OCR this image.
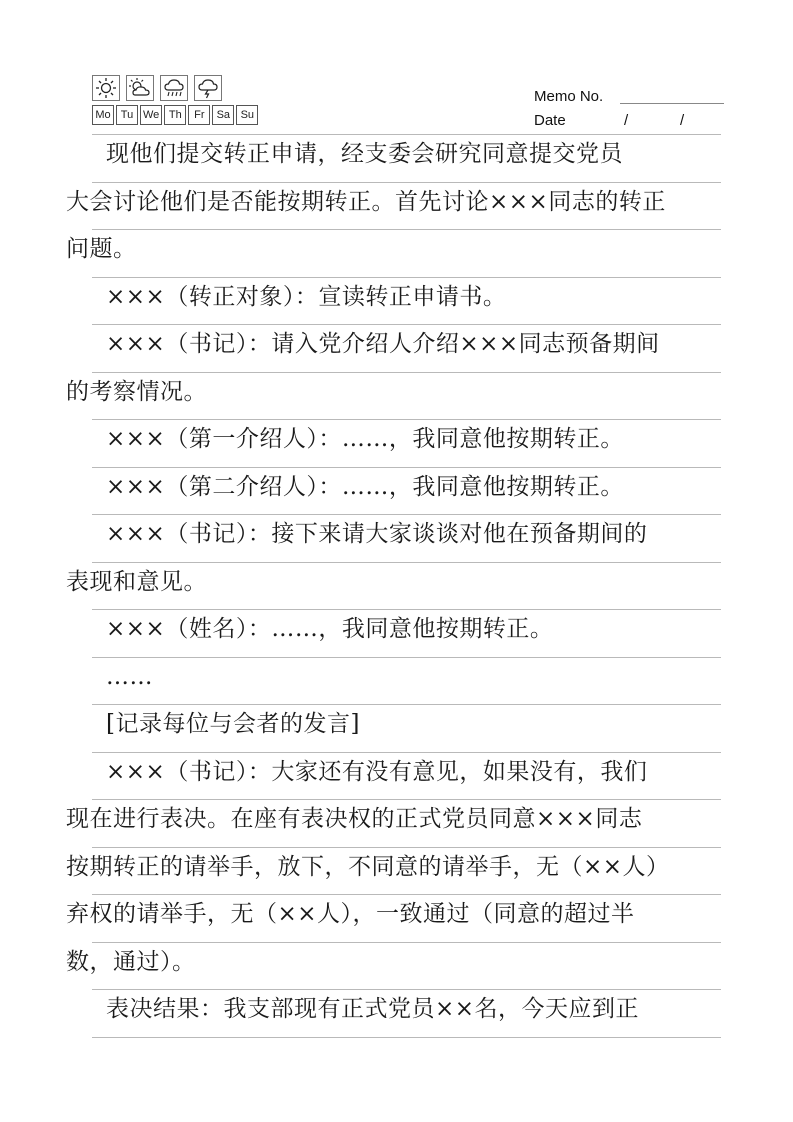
Mo Tu We Th Fr Sa Su
Memo No.
Date	/	/
现他们提交转正申请，经支委会研究同意提交党员
大会讨论他们是否能按期转正。首先讨论×××同志的转正
问题。
×××（转正对象）：宣读转正申请书。
×××（书记）：请入党介绍人介绍×××同志预备期间
的考察情况。
×××（第一介绍人）：……，我同意他按期转正。
×××（第二介绍人）：……，我同意他按期转正。
×××（书记）：接下来请大家谈谈对他在预备期间的
表现和意见。
×××（姓名）：……，我同意他按期转正。
……
[记录每位与会者的发言]
×××（书记）：大家还有没有意见，如果没有，我们
现在进行表决。在座有表决权的正式党员同意×××同志
按期转正的请举手，放下，不同意的请举手，无（××人）
弃权的请举手，无（××人），一致通过（同意的超过半
数，通过）。
表决结果：我支部现有正式党员××名，今天应到正
